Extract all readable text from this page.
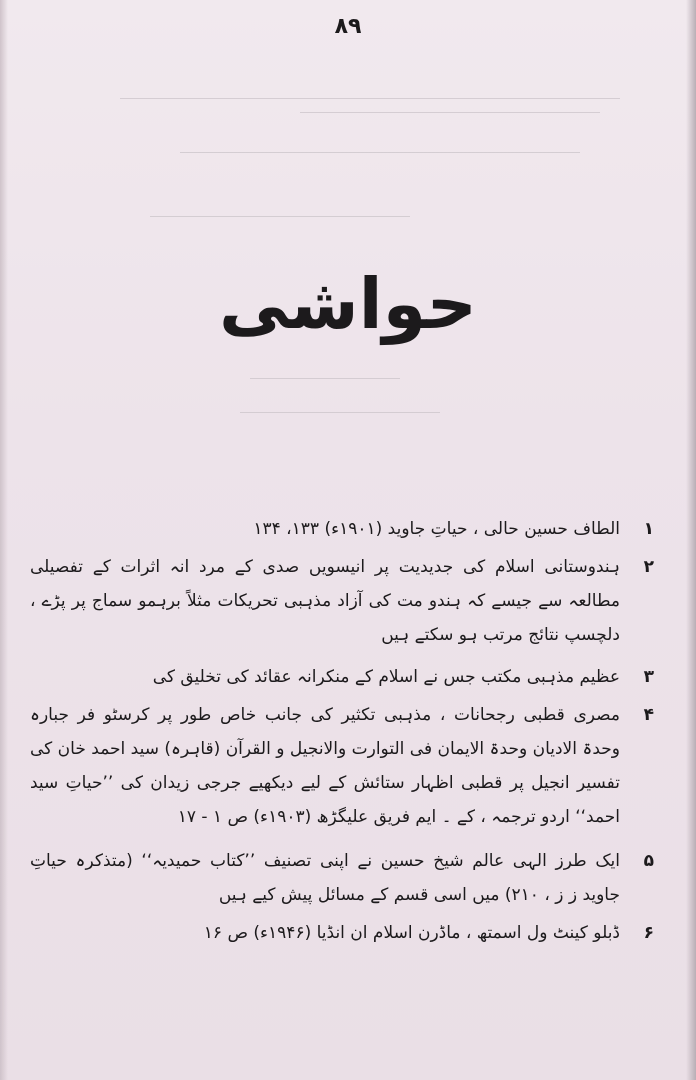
۸۹
حواشی
۱
الطاف حسین حالی ، حیاتِ جاوید (۱۹۰۱ء) ۱۳۳، ۱۳۴
۲
ہندوستانی اسلام کی جدیدیت پر انیسویں صدی کے مرد انہ اثرات کے تفصیلی مطالعہ سے جیسے کہ ہندو مت کی آزاد مذہبی تحریکات مثلاً برہمو سماج پر پڑے ، دلچسپ نتائج مرتب ہو سکتے ہیں
۳
عظیم مذہبی مکتب جس نے اسلام کے منکرانہ عقائد کی تخلیق کی
۴
مصری قطبی رجحانات ، مذہبی تکثیر کی جانب خاص طور پر کرسٹو فر جبارہ وحدۃ الادیان وحدۃ الایمان فی التوارت والانجیل و القرآن (قاہرہ) سید احمد خان کی تفسیر انجیل پر قطبی اظہار ستائش کے لیے دیکھیے جرجی زیدان کی ’’حیاتِ سید احمد‘‘ اردو ترجمہ ، کے ۔ ایم فریق علیگڑھ (۱۹۰۳ء) ص ۱ - ۱۷
۵
ایک طرز الہی عالم شیخ حسین نے اپنی تصنیف ’’کتاب حمیدیہ‘‘ (متذکرہ حیاتِ جاوید ز ز ، ۲۱۰) میں اسی قسم کے مسائل پیش کیے ہیں
۶
ڈبلو کینٹ ول اسمتھ ، ماڈرن اسلام ان انڈیا (۱۹۴۶ء) ص ۱۶
